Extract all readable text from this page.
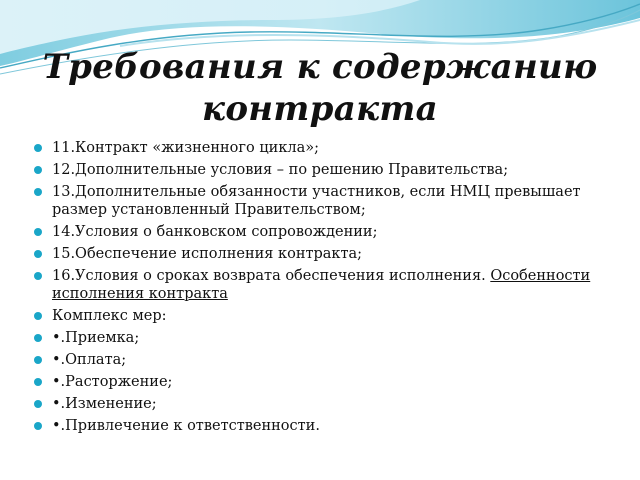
Требования к содержанию контракта
11.Контракт «жизненного цикла»;
12.Дополнительные условия – по решению Правительства;
13.Дополнительные обязанности участников, если НМЦ превышает размер установленный Правительством;
14.Условия о банковском сопровождении;
15.Обеспечение исполнения контракта;
16.Условия о сроках возврата обеспечения исполнения. Особенности исполнения контракта
Комплекс мер:
•.Приемка;
•.Оплата;
•.Расторжение;
•.Изменение;
•.Привлечение к ответственности.
